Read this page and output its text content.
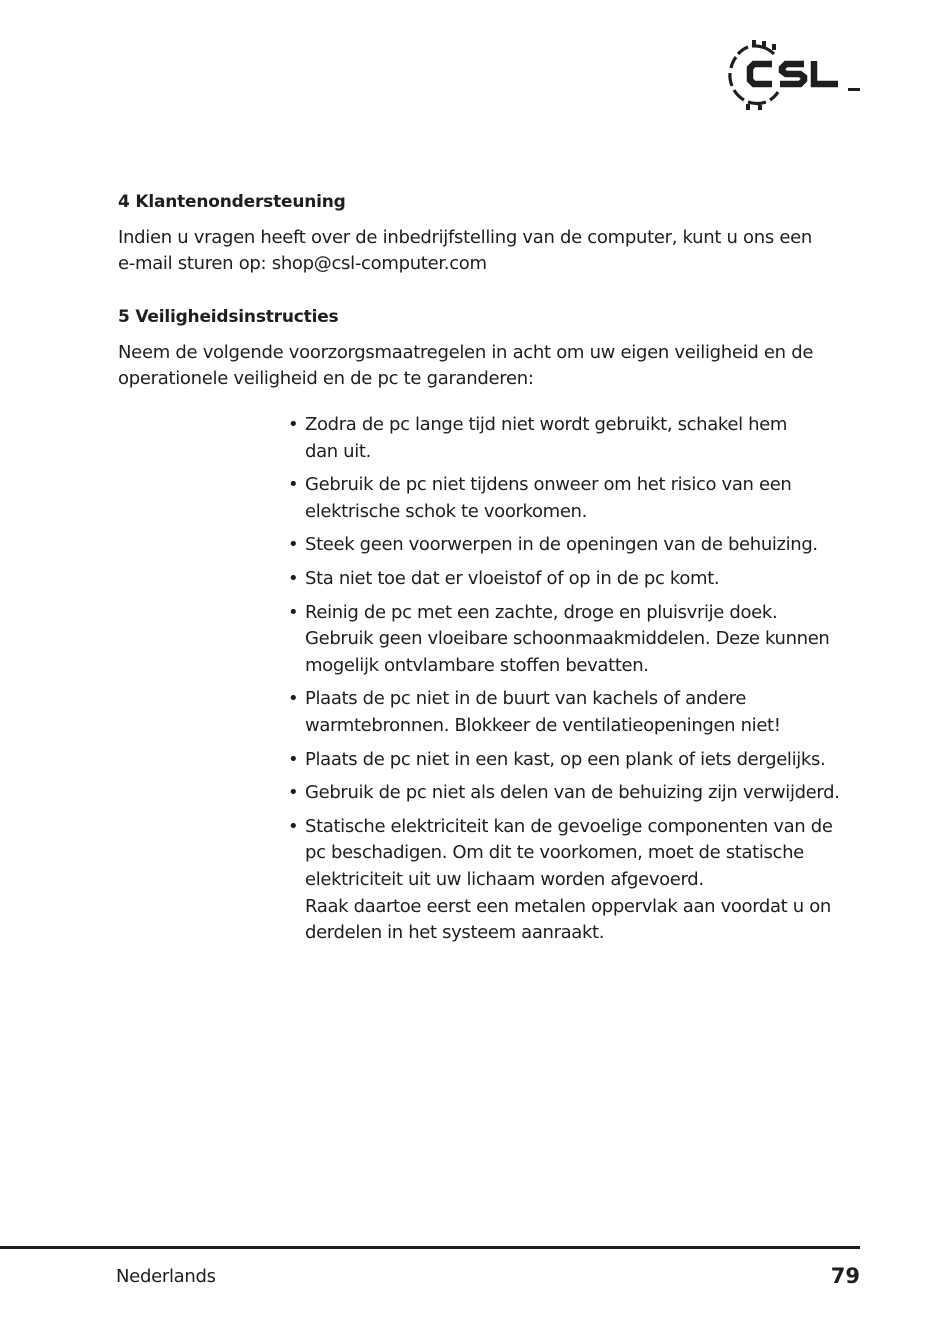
4 Klantenondersteuning

Indien u vragen heeft over de inbedrijfstelling van de computer, kunt u ons een
e-mail sturen op: shop@csl-computer.com

5 Veiligheidsinstructies

Neem de volgende voorzorgsmaatregelen in acht om uw eigen veiligheid en de
operationele veiligheid en de pc te garanderen:

• Zodra de pc lange tijd niet wordt gebruikt, schakel hem
dan uit.
• Gebruik de pc niet tijdens onweer om het risico van een
elektrische schok te voorkomen.
• Steek geen voorwerpen in de openingen van de behuizing.
• Sta niet toe dat er vloeistof of op in de pc komt.
• Reinig de pc met een zachte, droge en pluisvrije doek.
Gebruik geen vloeibare schoonmaakmiddelen. Deze kunnen
mogelijk ontvlambare stoffen bevatten.
• Plaats de pc niet in de buurt van kachels of andere
warmtebronnen. Blokkeer de ventilatieopeningen niet!
• Plaats de pc niet in een kast, op een plank of iets dergelijks.
• Gebruik de pc niet als delen van de behuizing zijn verwijderd.
• Statische elektriciteit kan de gevoelige componenten van de
pc beschadigen. Om dit te voorkomen, moet de statische
elektriciteit uit uw lichaam worden afgevoerd.
Raak daartoe eerst een metalen oppervlak aan voordat u on
derdelen in het systeem aanraakt.
Nederlands	79
